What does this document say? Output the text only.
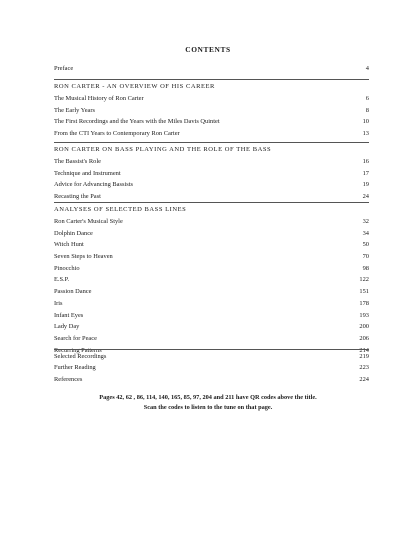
CONTENTS
Preface	4
RON CARTER - AN OVERVIEW OF HIS CAREER
The Musical History of Ron Carter	6
The Early Years	8
The First Recordings and the Years with the Miles Davis Quintet	10
From the CTI Years to Contemporary Ron Carter	13
RON CARTER ON BASS PLAYING AND THE ROLE OF THE BASS
The Bassist's Role	16
Technique and Instrument	17
Advice for Advancing Bassists	19
Recasting the Past	24
ANALYSES OF SELECTED BASS LINES
Ron Carter's Musical Style	32
Dolphin Dance	34
Witch Hunt	50
Seven Steps to Heaven	70
Pinocchio	98
E.S.P.	122
Passion Dance	151
Iris	178
Infant Eyes	193
Lady Day	200
Search for Peace	206
Recurring Patterns	214
Selected Recordings	219
Further Reading	223
References	224
Pages 42, 62 , 86, 114, 140, 165, 85, 97, 204 and 211 have QR codes above the title.
Scan the codes to listen to the tune on that page.
